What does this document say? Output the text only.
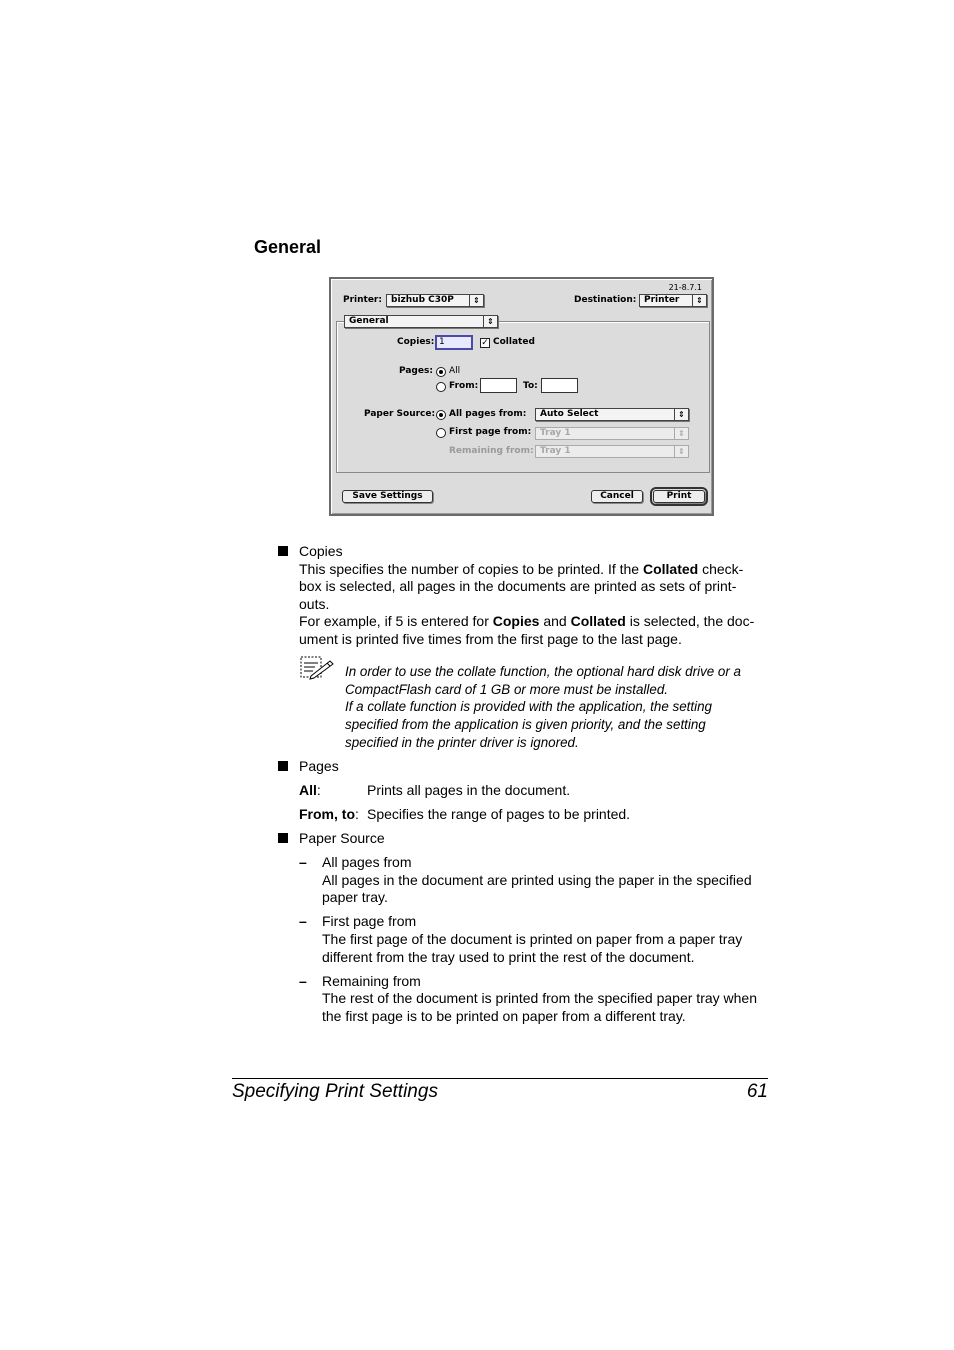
General
21-8.7.1
Printer:	bizhub C30P	⇕	Destination: Printer	⇕
General	⇕
Copies: 1	✓ Collated
Pages: All
From:	To:
Paper Source: All pages from:	Auto Select	⇕
First page from: Tray 1	⇕
Remaining from: Tray 1	⇕
Save Settings	Cancel	Print
Copies
This specifies the number of copies to be printed. If the Collated check-
box is selected, all pages in the documents are printed as sets of print-
outs.
For example, if 5 is entered for Copies and Collated is selected, the doc-
ument is printed five times from the first page to the last page.
In order to use the collate function, the optional hard disk drive or a
CompactFlash card of 1 GB or more must be installed.
If a collate function is provided with the application, the setting
specified from the application is given priority, and the setting
specified in the printer driver is ignored.
Pages
All:	Prints all pages in the document.
From, to: Specifies the range of pages to be printed.
Paper Source
– All pages from
All pages in the document are printed using the paper in the specified
paper tray.
– First page from
The first page of the document is printed on paper from a paper tray
different from the tray used to print the rest of the document.
– Remaining from
The rest of the document is printed from the specified paper tray when
the first page is to be printed on paper from a different tray.
Specifying Print Settings	61
